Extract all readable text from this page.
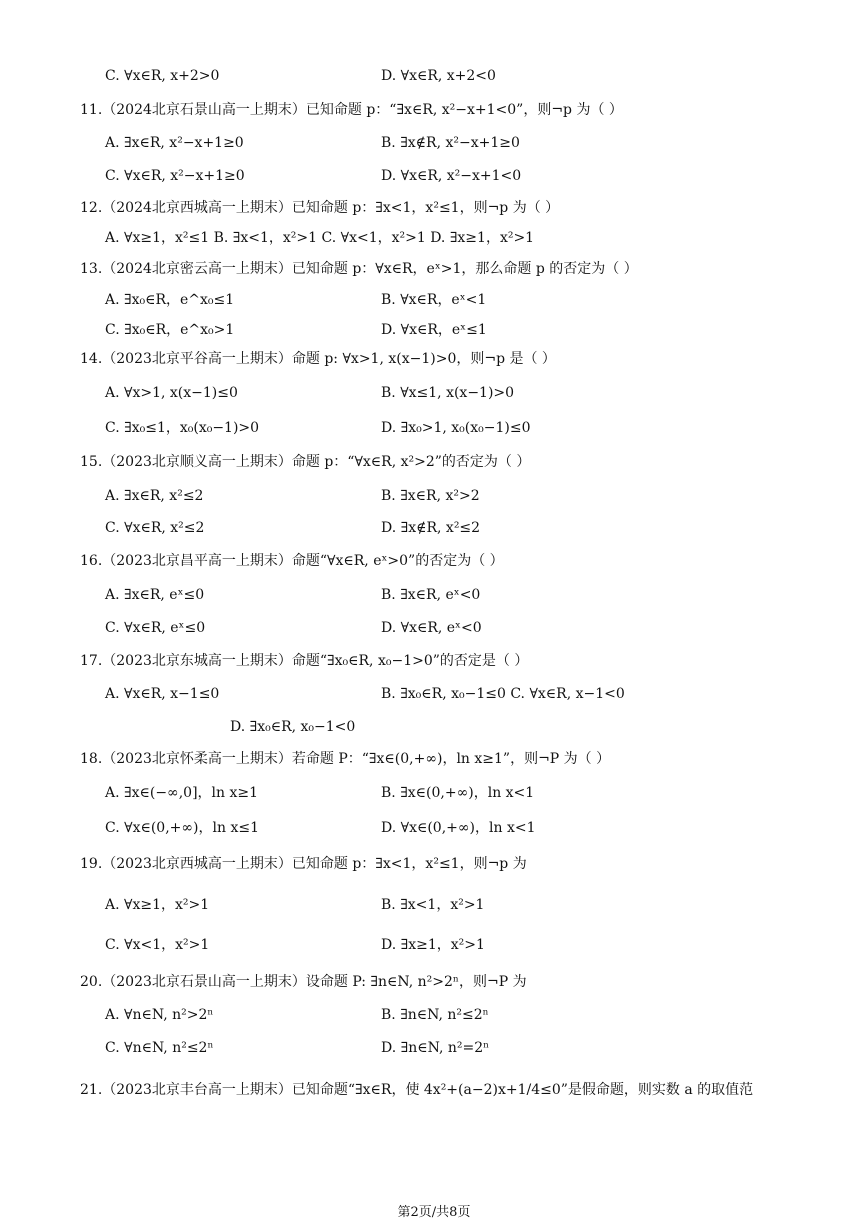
C. ∀x∈R, x+2>0	D. ∀x∈R, x+2<0
11.（2024北京石景山高一上期末）已知命题 p：“∃x∈R, x²−x+1<0”，则¬p 为（ ）
A. ∃x∈R, x²−x+1≥0	B. ∃x∉R, x²−x+1≥0
C. ∀x∈R, x²−x+1≥0	D. ∀x∈R, x²−x+1<0
12.（2024北京西城高一上期末）已知命题 p：∃x<1，x²≤1，则¬p 为（ ）
A. ∀x≥1，x²≤1 B. ∃x<1，x²>1 C. ∀x<1，x²>1 D. ∃x≥1，x²>1
13.（2024北京密云高一上期末）已知命题 p：∀x∈R，eˣ>1，那么命题 p 的否定为（ ）
A. ∃x₀∈R，e^x₀≤1	B. ∀x∈R，eˣ<1
C. ∃x₀∈R，e^x₀>1	D. ∀x∈R，eˣ≤1
14.（2023北京平谷高一上期末）命题 p: ∀x>1, x(x−1)>0，则¬p 是（ ）
A. ∀x>1, x(x−1)≤0	B. ∀x≤1, x(x−1)>0
C. ∃x₀≤1，x₀(x₀−1)>0	D. ∃x₀>1, x₀(x₀−1)≤0
15.（2023北京顺义高一上期末）命题 p：“∀x∈R, x²>2”的否定为（ ）
A. ∃x∈R, x²≤2	B. ∃x∈R, x²>2
C. ∀x∈R, x²≤2	D. ∃x∉R, x²≤2
16.（2023北京昌平高一上期末）命题“∀x∈R, eˣ>0”的否定为（ ）
A. ∃x∈R, eˣ≤0	B. ∃x∈R, eˣ<0
C. ∀x∈R, eˣ≤0	D. ∀x∈R, eˣ<0
17.（2023北京东城高一上期末）命题“∃x₀∈R, x₀−1>0”的否定是（ ）
A. ∀x∈R, x−1≤0	B. ∃x₀∈R, x₀−1≤0 C. ∀x∈R, x−1<0
D. ∃x₀∈R, x₀−1<0
18.（2023北京怀柔高一上期末）若命题 P：“∃x∈(0,+∞)，ln x≥1”，则¬P 为（ ）
A. ∃x∈(−∞,0]，ln x≥1	B. ∃x∈(0,+∞)，ln x<1
C. ∀x∈(0,+∞)，ln x≤1	D. ∀x∈(0,+∞)，ln x<1
19.（2023北京西城高一上期末）已知命题 p：∃x<1，x²≤1，则¬p 为
A. ∀x≥1，x²>1	B. ∃x<1，x²>1
C. ∀x<1，x²>1	D. ∃x≥1，x²>1
20.（2023北京石景山高一上期末）设命题 P: ∃n∈N, n²>2ⁿ，则¬P 为
A. ∀n∈N, n²>2ⁿ	B. ∃n∈N, n²≤2ⁿ
C. ∀n∈N, n²≤2ⁿ	D. ∃n∈N, n²=2ⁿ
21.（2023北京丰台高一上期末）已知命题“∃x∈R，使 4x²+(a−2)x+1/4≤0”是假命题，则实数 a 的取值范
第2页/共8页
